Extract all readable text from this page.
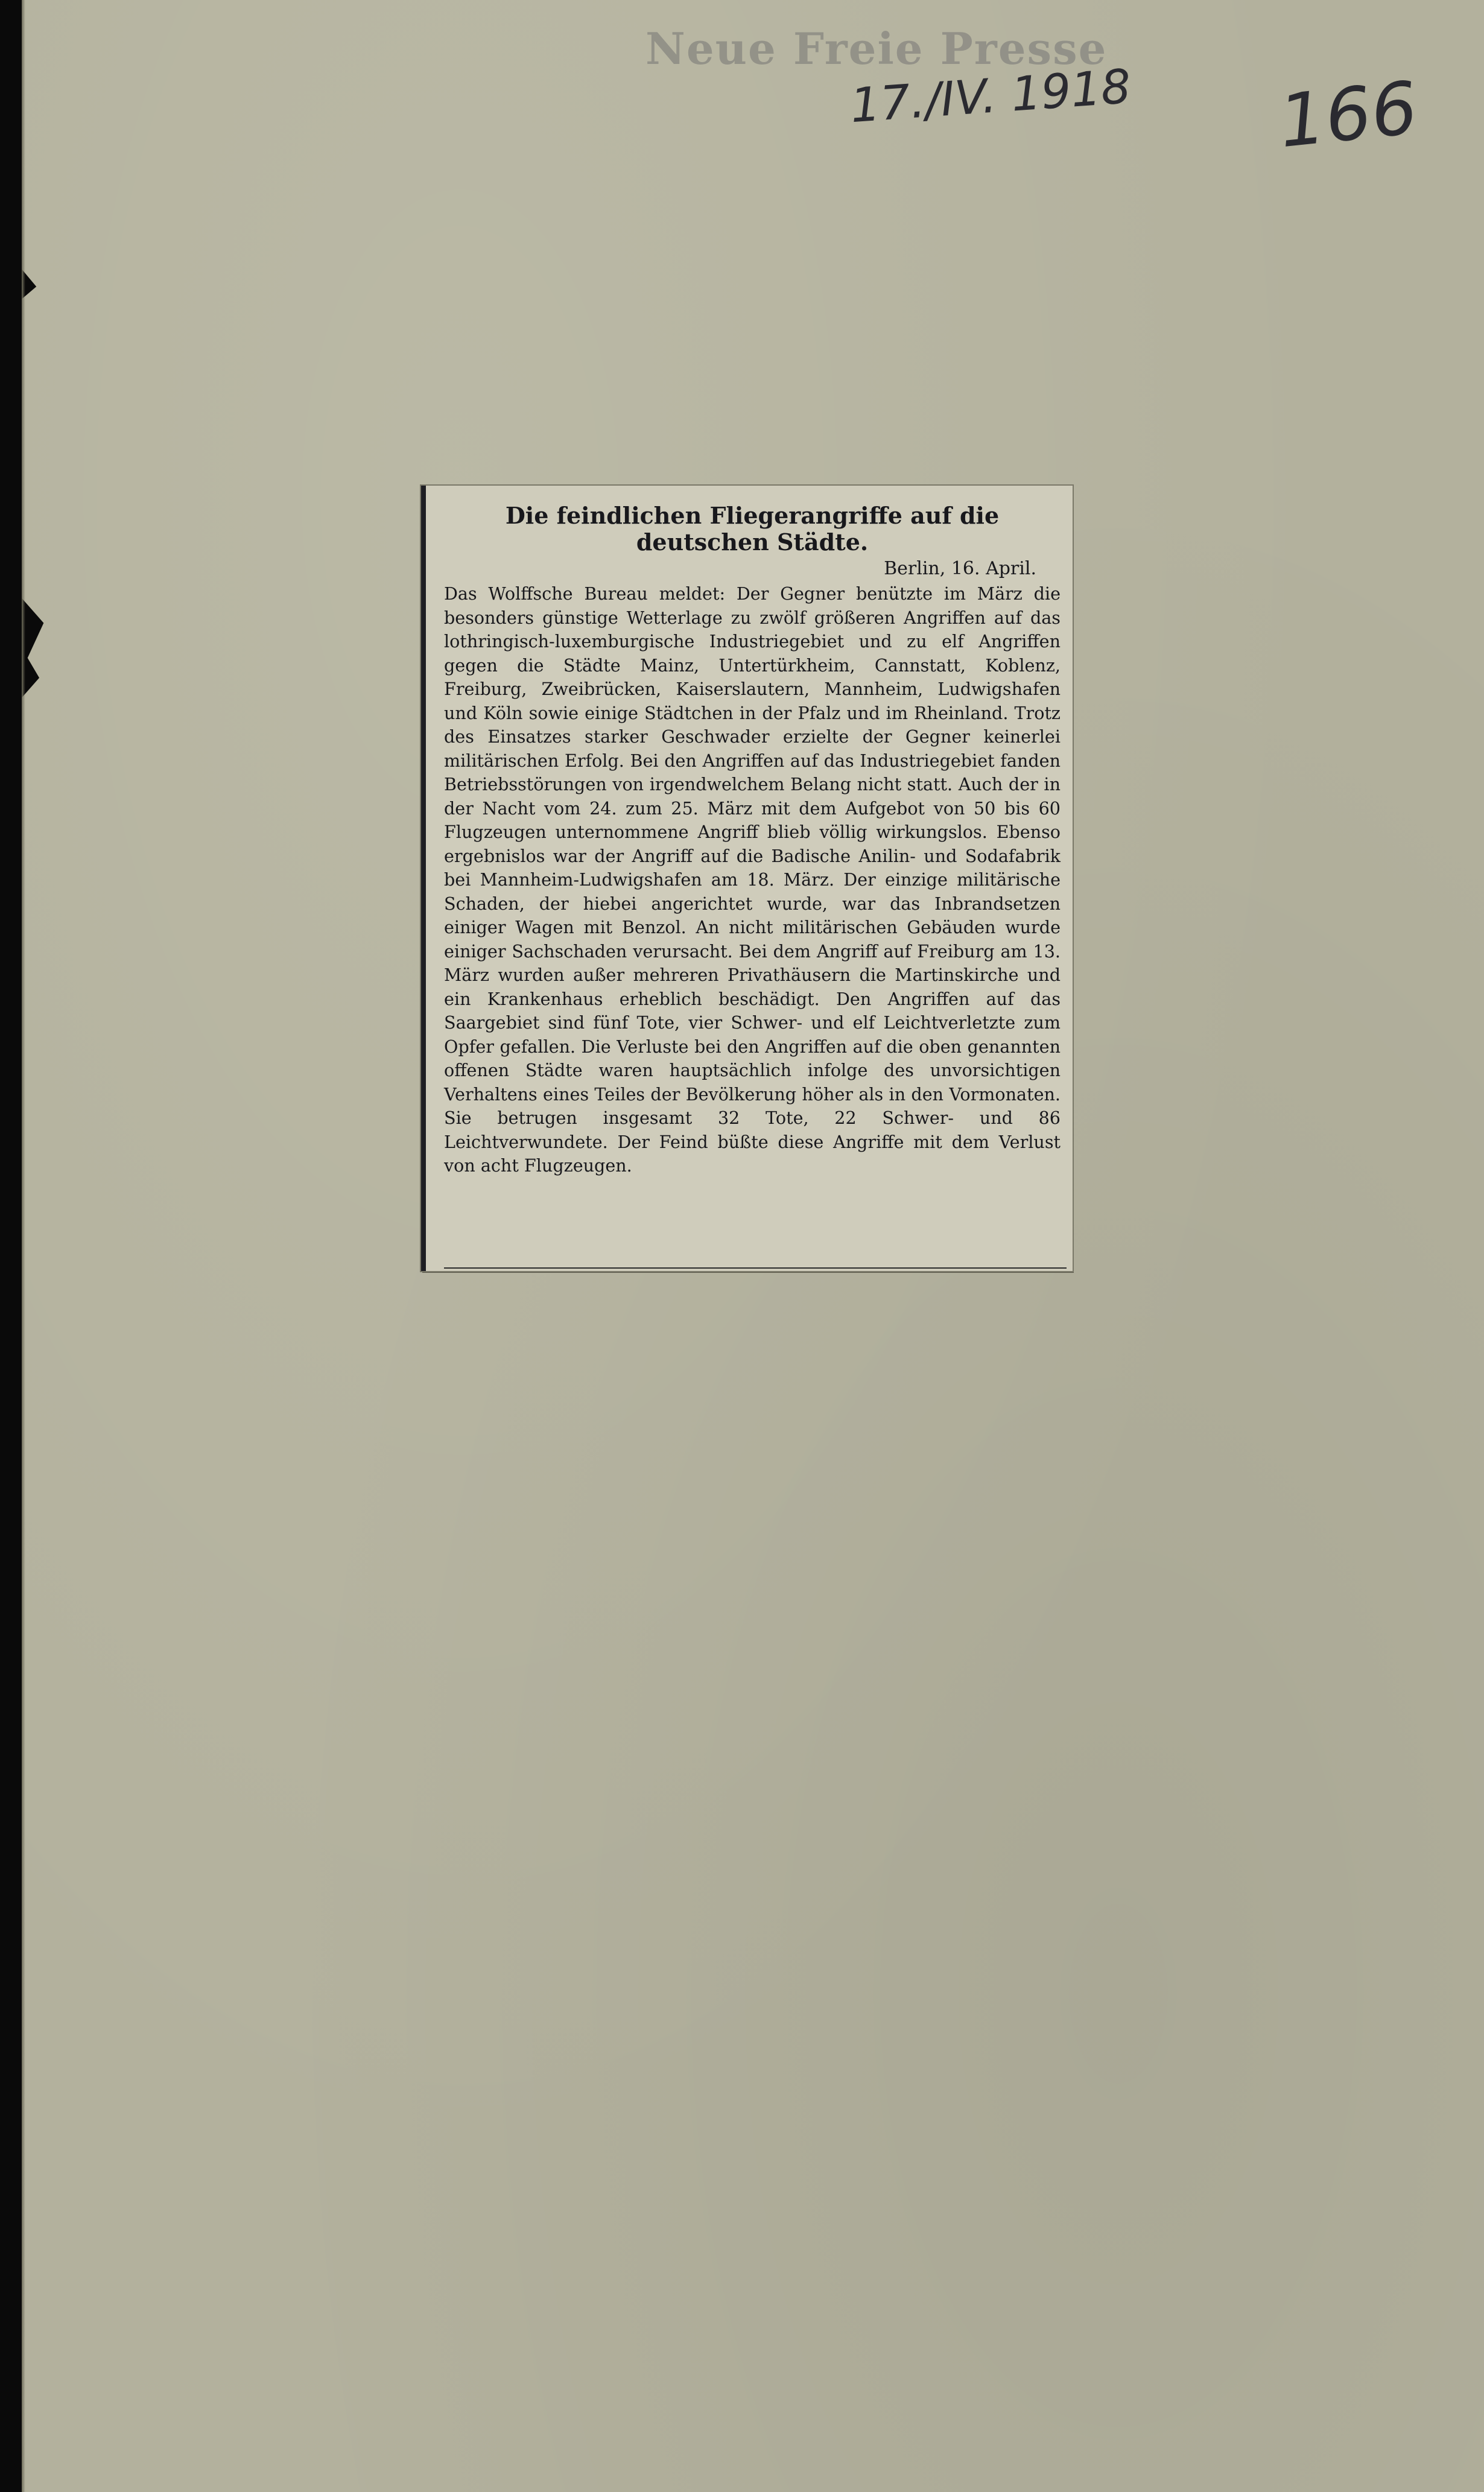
Neue Freie Presse
17./IV. 1918 166
Die feindlichen Fliegerangriffe auf die deutschen Städte.
Berlin, 16. April.
Das Wolffsche Bureau meldet: Der Gegner benützte im März die besonders günstige Wetterlage zu zwölf größeren Angriffen auf das lothringisch-luxemburgische Industriegebiet und zu elf Angriffen gegen die Städte Mainz, Untertürkheim, Cannstatt, Koblenz, Freiburg, Zweibrücken, Kaiserslautern, Mannheim, Ludwigshafen und Köln sowie einige Städtchen in der Pfalz und im Rheinland. Trotz des Einsatzes starker Geschwader erzielte der Gegner keinerlei militärischen Erfolg. Bei den Angriffen auf das Industriegebiet fanden Betriebsstörungen von irgendwelchem Belang nicht statt. Auch der in der Nacht vom 24. zum 25. März mit dem Aufgebot von 50 bis 60 Flugzeugen unternommene Angriff blieb völlig wirkungslos. Ebenso ergebnislos war der Angriff auf die Badische Anilin- und Sodafabrik bei Mannheim-Ludwigshafen am 18. März. Der einzige militärische Schaden, der hiebei angerichtet wurde, war das Inbrandsetzen einiger Wagen mit Benzol. An nicht militärischen Gebäuden wurde einiger Sachschaden verursacht. Bei dem Angriff auf Freiburg am 13. März wurden außer mehreren Privathäusern die Martinskirche und ein Krankenhaus erheblich beschädigt. Den Angriffen auf das Saargebiet sind fünf Tote, vier Schwer- und elf Leichtverletzte zum Opfer gefallen. Die Verluste bei den Angriffen auf die oben genannten offenen Städte waren hauptsächlich infolge des unvorsichtigen Verhaltens eines Teiles der Bevölkerung höher als in den Vormonaten. Sie betrugen insgesamt 32 Tote, 22 Schwer- und 86 Leichtverwundete. Der Feind büßte diese Angriffe mit dem Verlust von acht Flugzeugen.
